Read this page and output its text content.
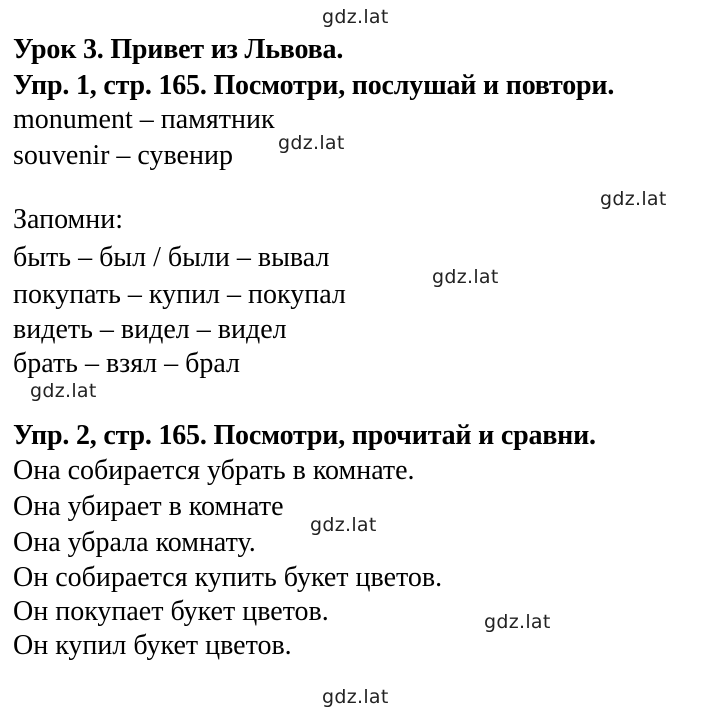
gdz.lat
Урок 3. Привет из Львова.
Упр. 1, стр. 165. Посмотри, послушай и повтори.
monument – памятник
gdz.lat
souvenir – сувенир
gdz.lat
Запомни:
быть – был / были – вывал
gdz.lat
покупать – купил – покупал
видеть – видел – видел
брать – взял – брал
gdz.lat
Упр. 2, стр. 165. Посмотри, прочитай и сравни.
Она собирается убрать в комнате.
Она убирает в комнате
gdz.lat
Она убрала комнату.
Он собирается купить букет цветов.
Он покупает букет цветов.	gdz.lat
Он купил букет цветов.
gdz.lat
